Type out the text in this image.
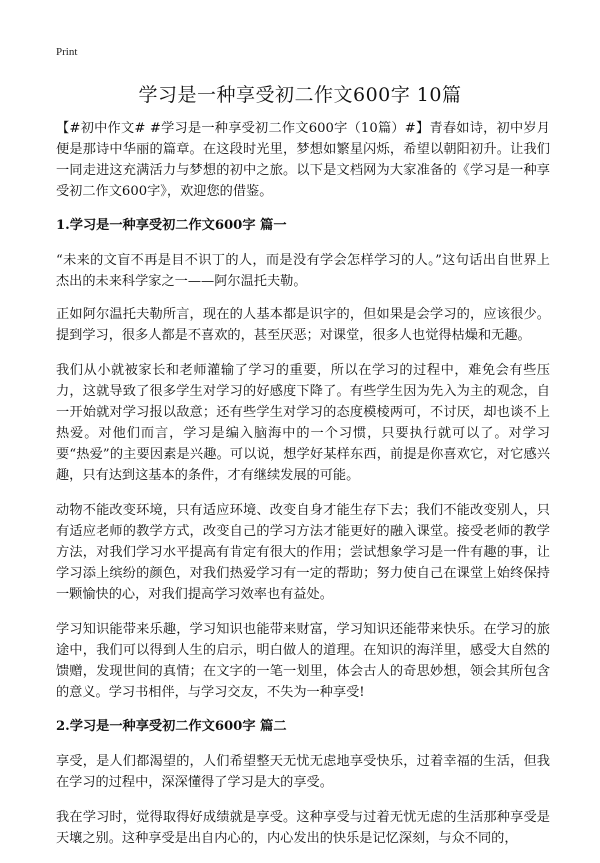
Print
学习是一种享受初二作文600字 10篇

【#初中作文# #学习是一种享受初二作文600字（10篇）#】青春如诗，初中岁月便是那诗中华丽的篇章。在这段时光里，梦想如繁星闪烁，希望以朝阳初升。让我们一同走进这充满活力与梦想的初中之旅。以下是文档网为大家准备的《学习是一种享受初二作文600字》，欢迎您的借鉴。

1.学习是一种享受初二作文600字 篇一

“未来的文盲不再是目不识丁的人，而是没有学会怎样学习的人。”这句话出自世界上杰出的未来科学家之一——阿尔温托夫勒。

正如阿尔温托夫勒所言，现在的人基本都是识字的，但如果是会学习的，应该很少。提到学习，很多人都是不喜欢的，甚至厌恶；对课堂，很多人也觉得枯燥和无趣。

我们从小就被家长和老师灌输了学习的重要，所以在学习的过程中，难免会有些压力，这就导致了很多学生对学习的好感度下降了。有些学生因为先入为主的观念，自一开始就对学习报以敌意；还有些学生对学习的态度模棱两可，不讨厌，却也谈不上热爱。对他们而言，学习是编入脑海中的一个习惯，只要执行就可以了。对学习要“热爱”的主要因素是兴趣。可以说，想学好某样东西，前提是你喜欢它，对它感兴趣，只有达到这基本的条件，才有继续发展的可能。

动物不能改变环境，只有适应环境、改变自身才能生存下去；我们不能改变别人，只有适应老师的教学方式，改变自己的学习方法才能更好的融入课堂。接受老师的教学方法，对我们学习水平提高有肯定有很大的作用；尝试想象学习是一件有趣的事，让学习添上缤纷的颜色，对我们热爱学习有一定的帮助；努力使自己在课堂上始终保持一颗愉快的心，对我们提高学习效率也有益处。

学习知识能带来乐趣，学习知识也能带来财富，学习知识还能带来快乐。在学习的旅途中，我们可以得到人生的启示，明白做人的道理。在知识的海洋里，感受大自然的馈赠，发现世间的真情；在文字的一笔一划里，体会古人的奇思妙想，领会其所包含的意义。学习书相伴，与学习交友，不失为一种享受!

2.学习是一种享受初二作文600字 篇二

享受，是人们都渴望的，人们希望整天无忧无虑地享受快乐，过着幸福的生活，但我在学习的过程中，深深懂得了学习是大的享受。

我在学习时，觉得取得好成绩就是享受。这种享受与过着无忧无虑的生活那种享受是天壤之别。这种享受是出自内心的，内心发出的快乐是记忆深刻，与众不同的，
